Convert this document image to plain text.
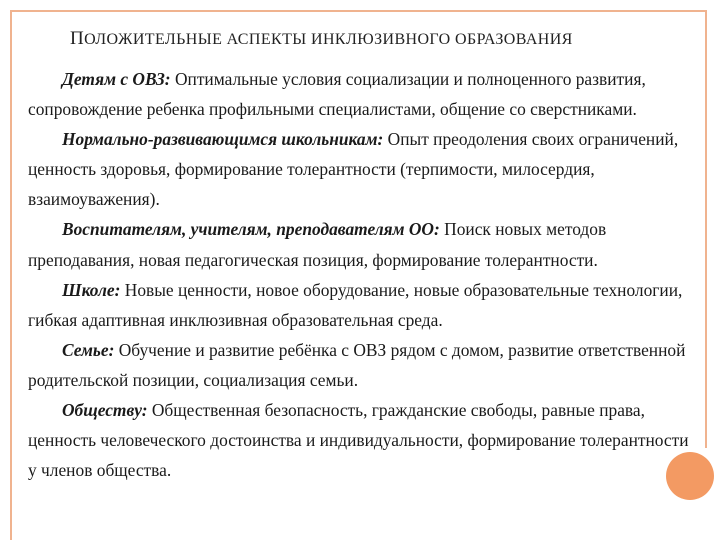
ПОЛОЖИТЕЛЬНЫЕ АСПЕКТЫ ИНКЛЮЗИВНОГО ОБРАЗОВАНИЯ

Детям с ОВЗ: Оптимальные условия социализации и полноценного развития, сопровождение ребенка профильными специалистами, общение со сверстниками.

Нормально-развивающимся школьникам: Опыт преодоления своих ограничений, ценность здоровья, формирование толерантности (терпимости, милосердия, взаимоуважения).

Воспитателям, учителям, преподавателям ОО: Поиск новых методов преподавания, новая педагогическая позиция, формирование толерантности.

Школе: Новые ценности, новое оборудование, новые образовательные технологии, гибкая адаптивная инклюзивная образовательная среда.

Семье: Обучение и развитие ребёнка с ОВЗ рядом с домом, развитие ответственной родительской позиции, социализация семьи.

Обществу: Общественная безопасность, гражданские свободы, равные права, ценность человеческого достоинства и индивидуальности, формирование толерантности у членов общества.
